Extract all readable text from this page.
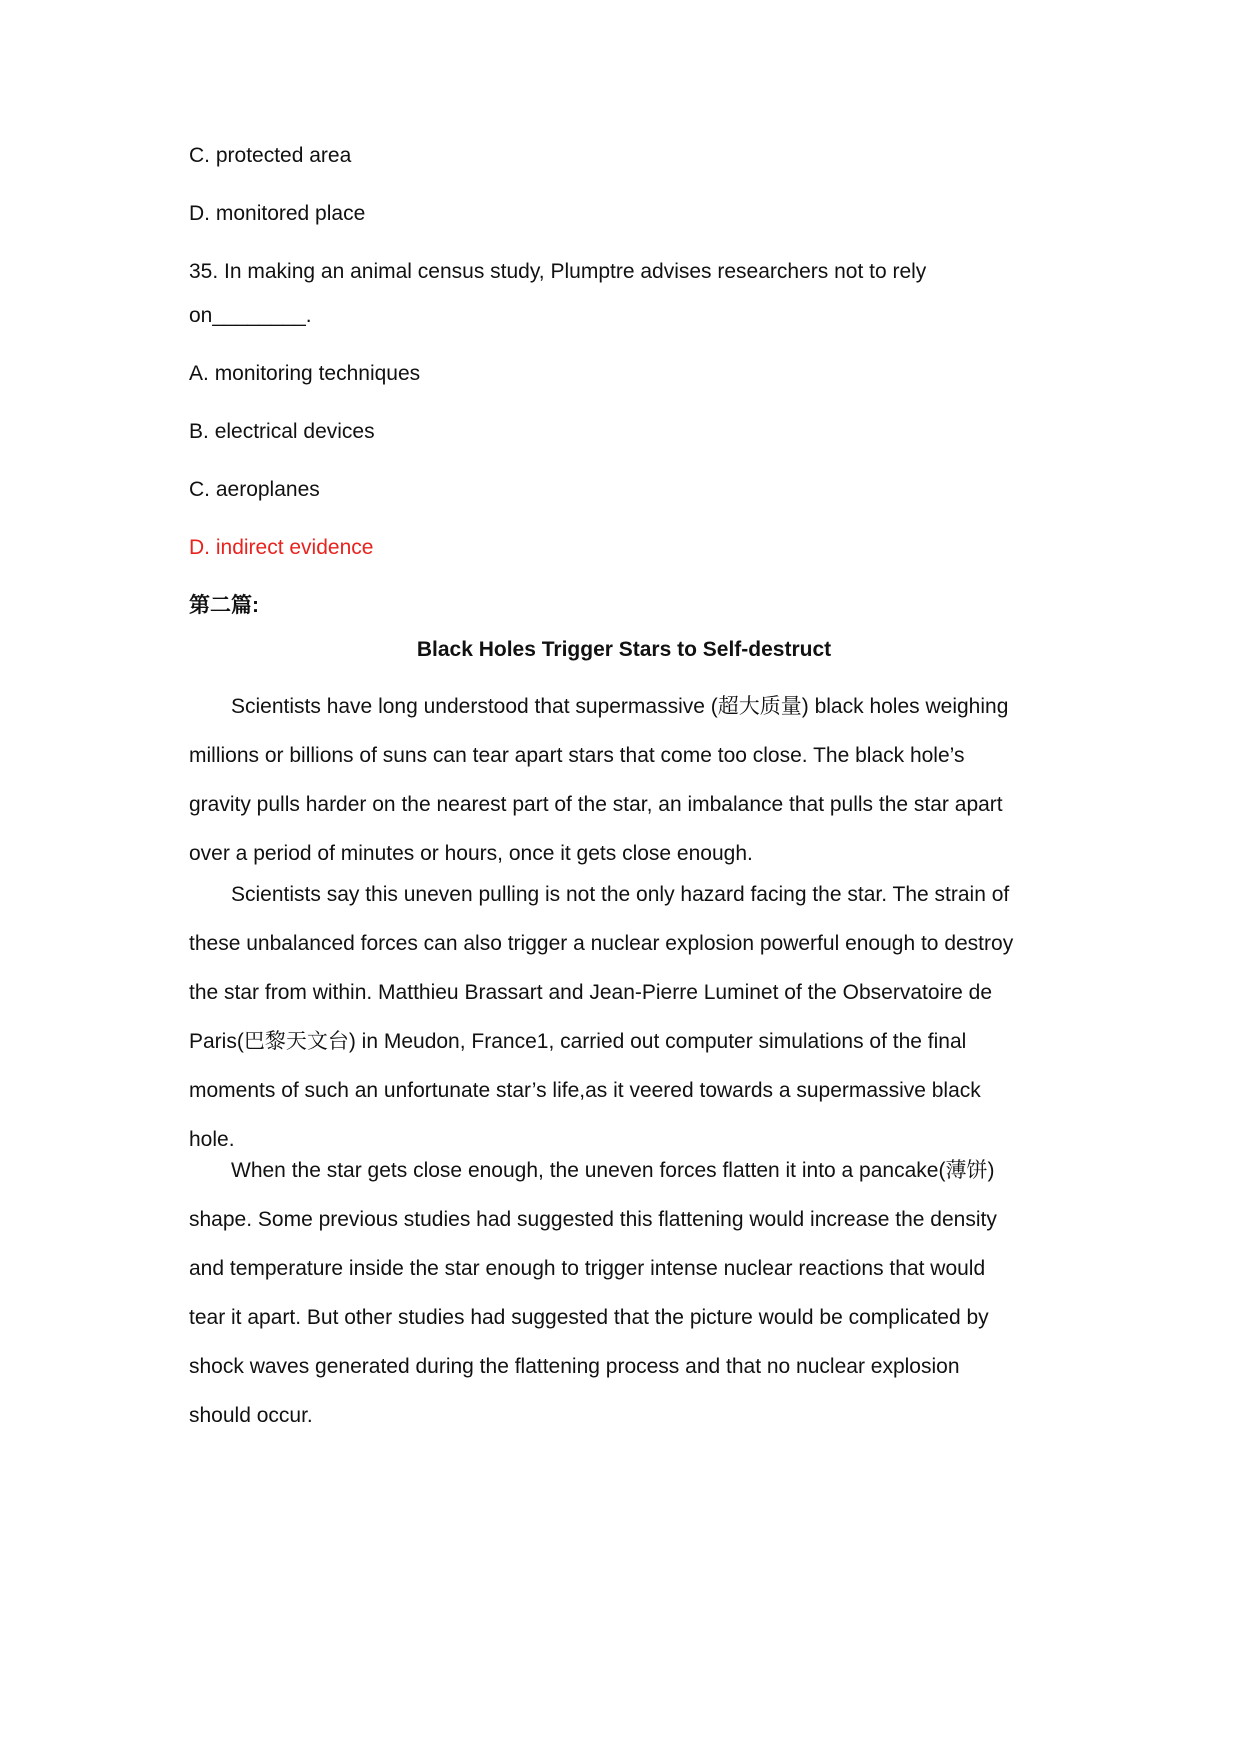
C. protected area

D. monitored place

35. In making an animal census study, Plumptre advises researchers not to rely

on________.

A. monitoring techniques

B. electrical devices

C. aeroplanes

D. indirect evidence

第二篇:

Black Holes Trigger Stars to Self-destruct

Scientists have long understood that supermassive (超大质量) black holes weighing
millions or billions of suns can tear apart stars that come too close. The black hole’s
gravity pulls harder on the nearest part of the star, an imbalance that pulls the star apart
over a period of minutes or hours, once it gets close enough.
Scientists say this uneven pulling is not the only hazard facing the star. The strain of
these unbalanced forces can also trigger a nuclear explosion powerful enough to destroy
the star from within. Matthieu Brassart and Jean-Pierre Luminet of the Observatoire de
Paris(巴黎天文台) in Meudon, France1, carried out computer simulations of the final
moments of such an unfortunate star’s life,as it veered towards a supermassive black
hole.
When the star gets close enough, the uneven forces flatten it into a pancake(薄饼)
shape. Some previous studies had suggested this flattening would increase the density
and temperature inside the star enough to trigger intense nuclear reactions that would
tear it apart. But other studies had suggested that the picture would be complicated by
shock waves generated during the flattening process and that no nuclear explosion
should occur.
